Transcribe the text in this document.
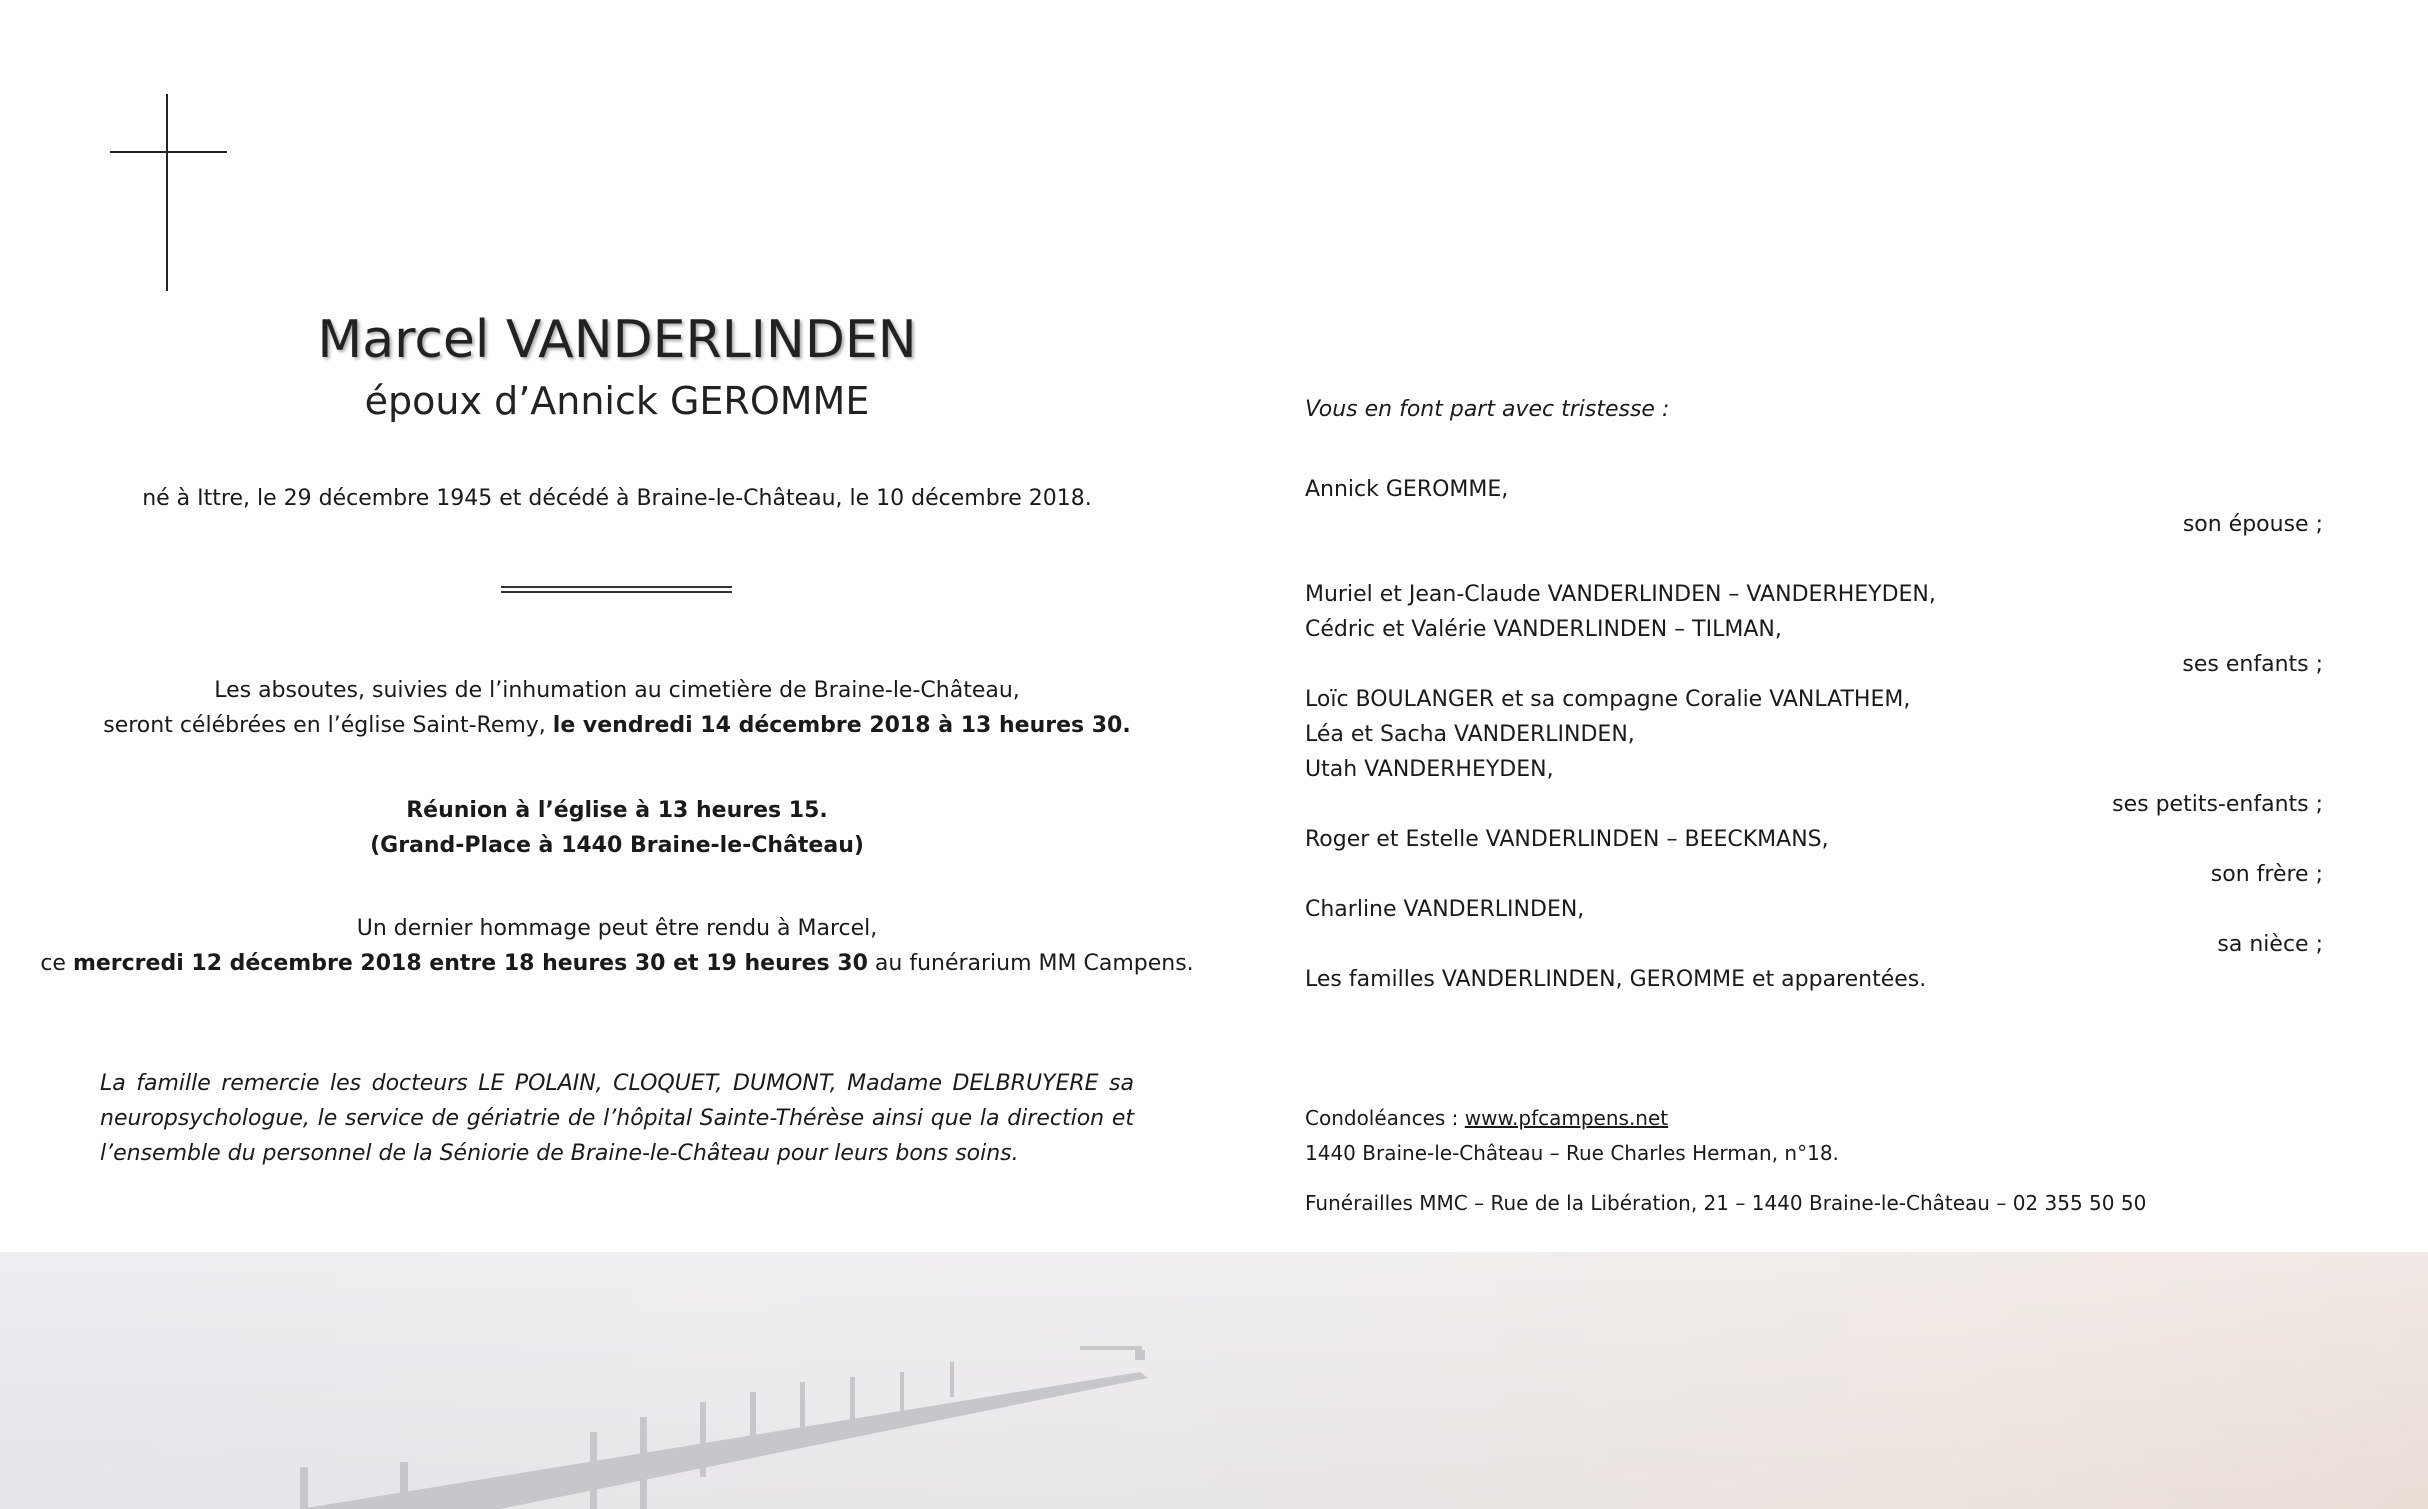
Marcel VANDERLINDEN
époux d’Annick GEROMME
né à Ittre, le 29 décembre 1945 et décédé à Braine-le-Château, le 10 décembre 2018.
Les absoutes, suivies de l’inhumation au cimetière de Braine-le-Château,
seront célébrées en l’église Saint-Remy, le vendredi 14 décembre 2018 à 13 heures 30.
Réunion à l’église à 13 heures 15.
(Grand-Place à 1440 Braine-le-Château)
Un dernier hommage peut être rendu à Marcel,
ce mercredi 12 décembre 2018 entre 18 heures 30 et 19 heures 30 au funérarium MM Campens.
La famille remercie les docteurs LE POLAIN, CLOQUET, DUMONT, Madame DELBRUYERE sa neuropsychologue, le service de gériatrie de l’hôpital Sainte-Thérèse ainsi que la direction et l’ensemble du personnel de la Séniorie de Braine-le-Château pour leurs bons soins.
Vous en font part avec tristesse :
Annick GEROMME,
son épouse ;
Muriel et Jean-Claude VANDERLINDEN – VANDERHEYDEN,
Cédric et Valérie VANDERLINDEN – TILMAN,
ses enfants ;
Loïc BOULANGER et sa compagne Coralie VANLATHEM,
Léa et Sacha VANDERLINDEN,
Utah VANDERHEYDEN,
ses petits-enfants ;
Roger et Estelle VANDERLINDEN – BEECKMANS,
son frère ;
Charline VANDERLINDEN,
sa nièce ;
Les familles VANDERLINDEN, GEROMME et apparentées.
Condoléances : www.pfcampens.net
1440 Braine-le-Château – Rue Charles Herman, n°18.
Funérailles MMC – Rue de la Libération, 21 – 1440 Braine-le-Château – 02 355 50 50
